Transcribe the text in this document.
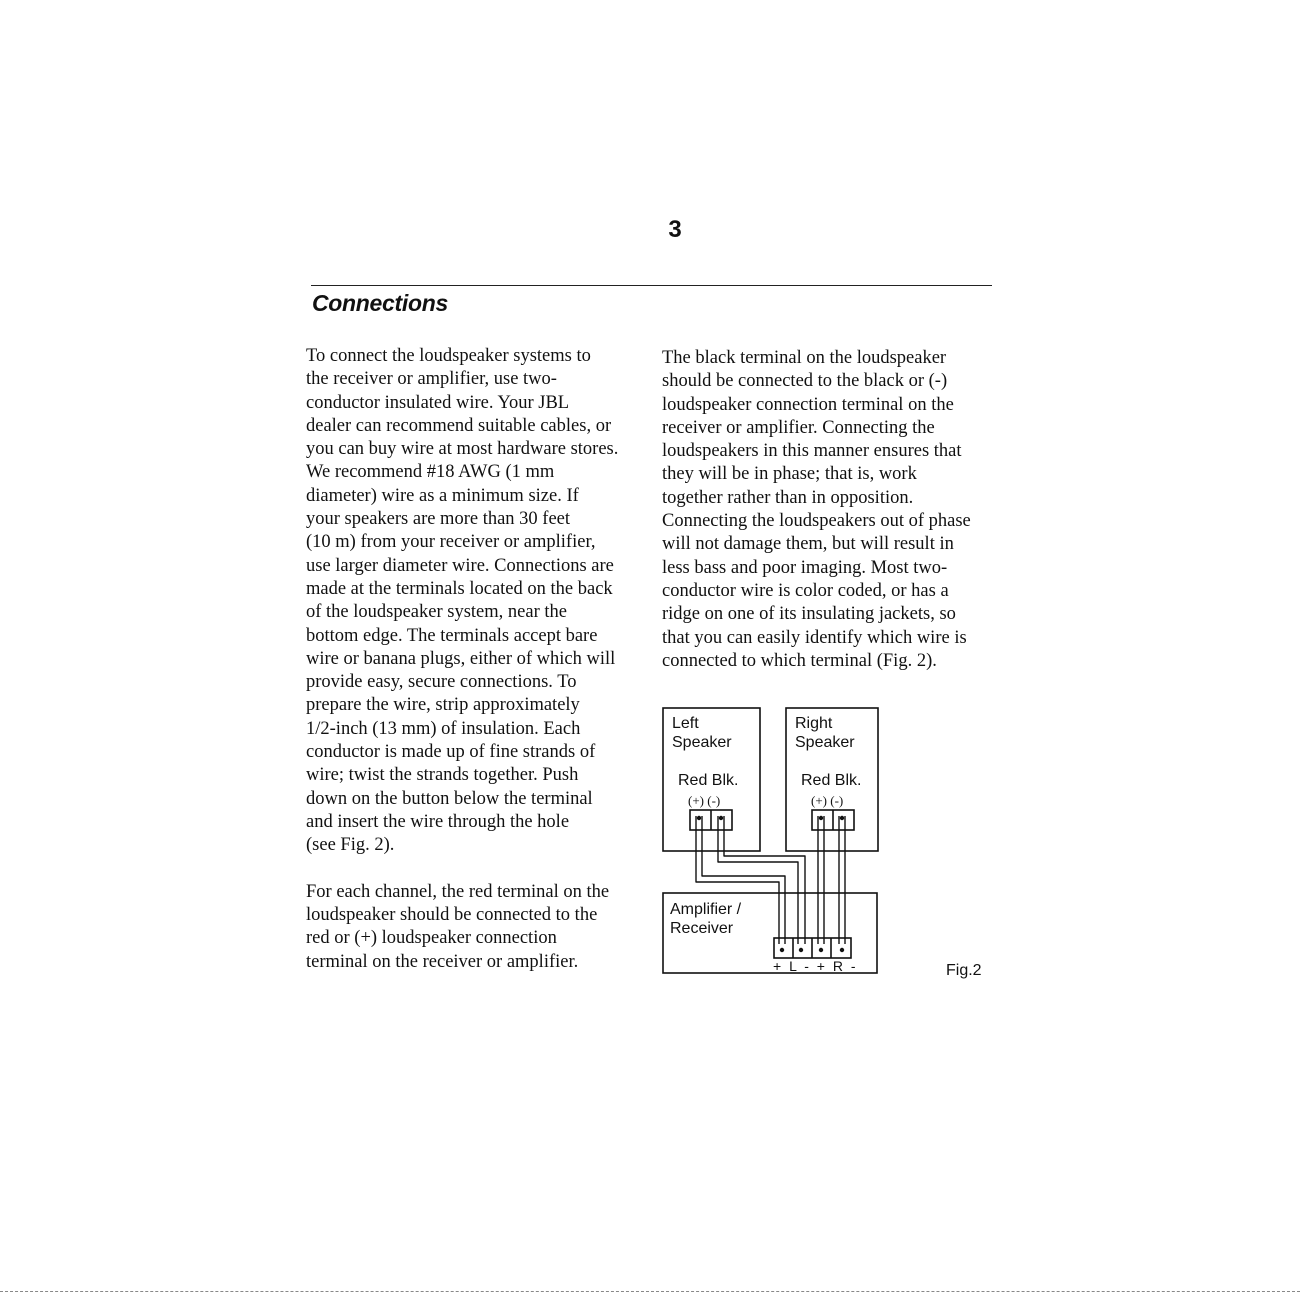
3
Connections

To connect the loudspeaker systems to
the receiver or amplifier, use two-
conductor insulated wire. Your JBL
dealer can recommend suitable cables, or
you can buy wire at most hardware stores.
We recommend #18 AWG (1 mm
diameter) wire as a minimum size. If
your speakers are more than 30 feet
(10 m) from your receiver or amplifier,
use larger diameter wire. Connections are
made at the terminals located on the back
of the loudspeaker system, near the
bottom edge. The terminals accept bare
wire or banana plugs, either of which will
provide easy, secure connections. To
prepare the wire, strip approximately
1/2-inch (13 mm) of insulation. Each
conductor is made up of fine strands of
wire; twist the strands together. Push
down on the button below the terminal
and insert the wire through the hole
(see Fig. 2).

For each channel, the red terminal on the
loudspeaker should be connected to the
red or (+) loudspeaker connection
terminal on the receiver or amplifier.

The black terminal on the loudspeaker
should be connected to the black or (-)
loudspeaker connection terminal on the
receiver or amplifier. Connecting the
loudspeakers in this manner ensures that
they will be in phase; that is, work
together rather than in opposition.
Connecting the loudspeakers out of phase
will not damage them, but will result in
less bass and poor imaging. Most two-
conductor wire is color coded, or has a
ridge on one of its insulating jackets, so
that you can easily identify which wire is
connected to which terminal (Fig. 2).

Left
Speaker
Red Blk.
(+) (-)
Right
Speaker
Red Blk.
(+) (-)
Amplifier /
Receiver
+ L - + R -	Fig.2
